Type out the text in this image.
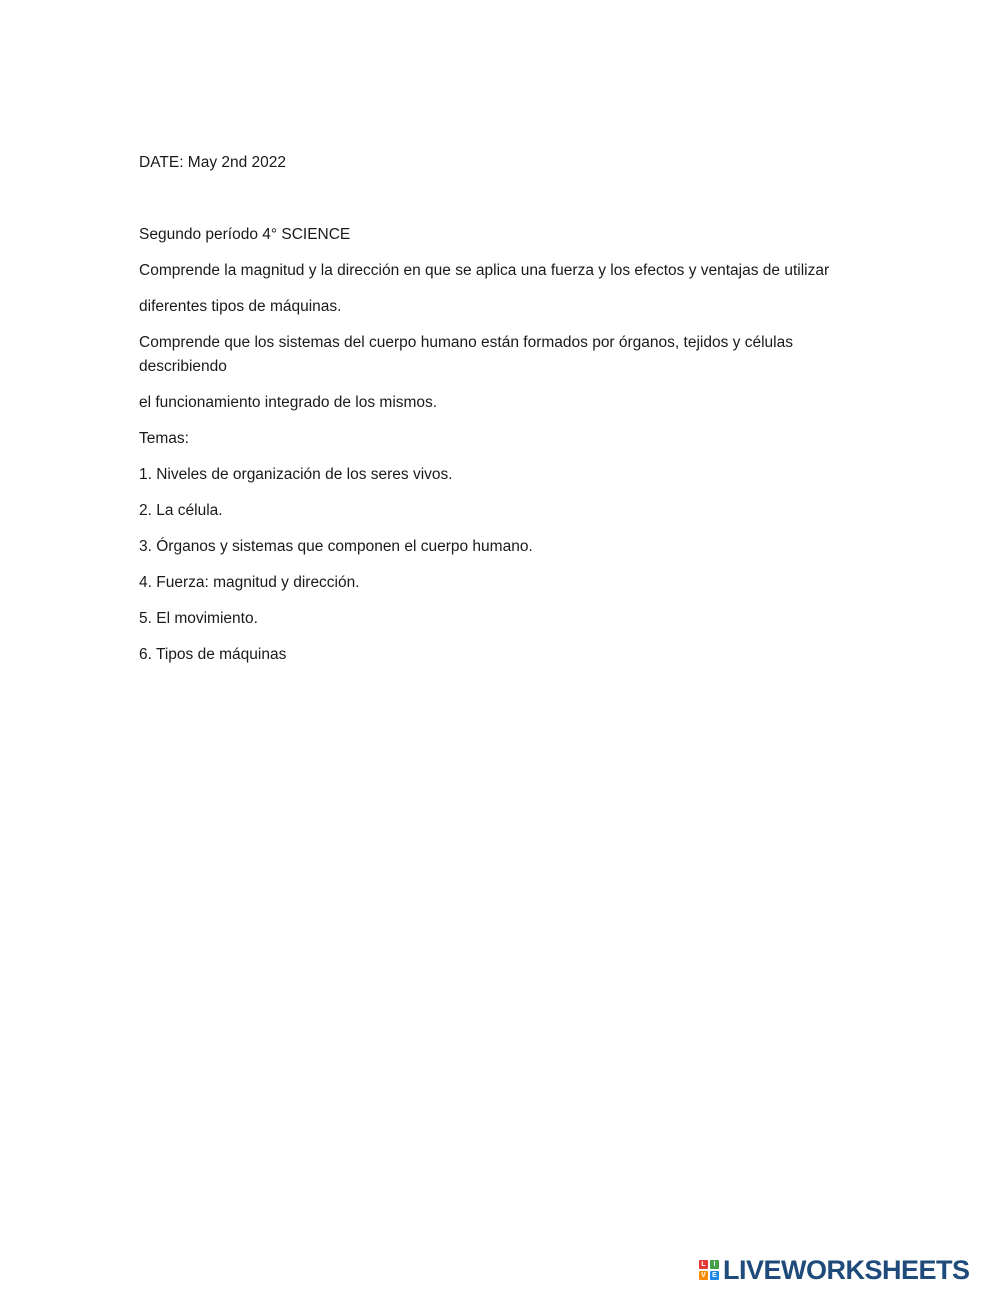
DATE: May 2nd 2022

Segundo período 4° SCIENCE

Comprende la magnitud y la dirección en que se aplica una fuerza y los efectos y ventajas de utilizar

diferentes tipos de máquinas.

Comprende que los sistemas del cuerpo humano están formados por órganos, tejidos y células describiendo

el funcionamiento integrado de los mismos.

Temas:

1. Niveles de organización de los seres vivos.
2. La célula.
3. Órganos y sistemas que componen el cuerpo humano.
4. Fuerza: magnitud y dirección.
5. El movimiento.
6. Tipos de máquinas
L	I
V E LIVEWORKSHEETS
